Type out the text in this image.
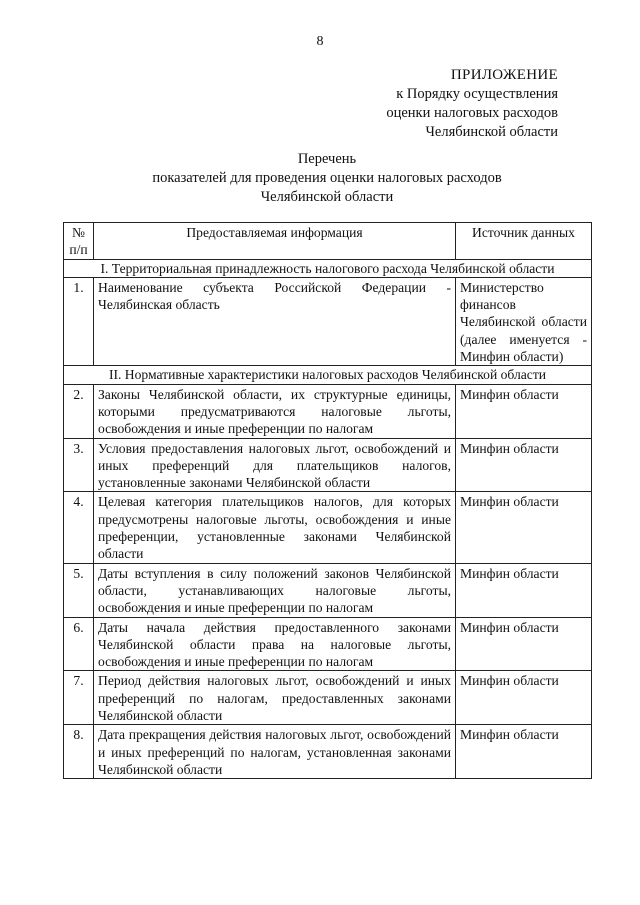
8
ПРИЛОЖЕНИЕ
к Порядку осуществления
оценки налоговых расходов
Челябинской области
Перечень
показателей для проведения оценки налоговых расходов
Челябинской области
№ п/п	Предоставляемая информация	Источник данных
I. Территориальная принадлежность налогового расхода Челябинской области		
1.	Наименование субъекта Российской Федерации - Челябинская область	Министерство финансов Челябинской области (далее именуется - Минфин области)
II. Нормативные характеристики налоговых расходов Челябинской области		
2.	Законы Челябинской области, их структурные единицы, которыми предусматриваются налоговые льготы, освобождения и иные преференции по налогам	Минфин области
3.	Условия предоставления налоговых льгот, освобождений и иных преференций для плательщиков налогов, установленные законами Челябинской области	Минфин области
4.	Целевая категория плательщиков налогов, для которых предусмотрены налоговые льготы, освобождения и иные преференции, установленные законами Челябинской области	Минфин области
5.	Даты вступления в силу положений законов Челябинской области, устанавливающих налоговые льготы, освобождения и иные преференции по налогам	Минфин области
6.	Даты начала действия предоставленного законами Челябинской области права на налоговые льготы, освобождения и иные преференции по налогам	Минфин области
7.	Период действия налоговых льгот, освобождений и иных преференций по налогам, предоставленных законами Челябинской области	Минфин области
8.	Дата прекращения действия налоговых льгот, освобождений и иных преференций по налогам, установленная законами Челябинской области	Минфин области
